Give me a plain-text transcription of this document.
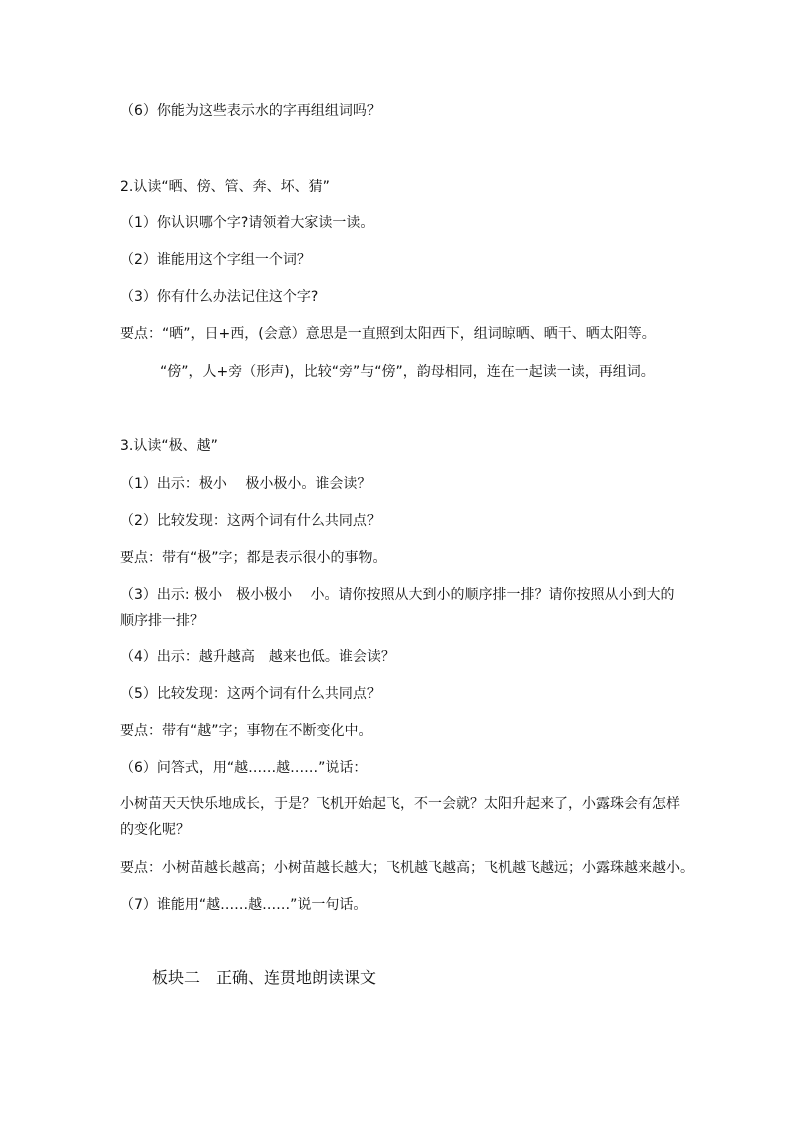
（6）你能为这些表示水的字再组组词吗？
2.认读“晒、傍、管、奔、坏、猜”
（1）你认识哪个字?请领着大家读一读。
（2）谁能用这个字组一个词？
（3）你有什么办法记住这个字?
要点：“晒”，日+西，(会意）意思是一直照到太阳西下，组词晾晒、晒干、晒太阳等。
“傍”，人+旁（形声)，比较“旁”与“傍”，韵母相同，连在一起读一读，再组词。
3.认读“极、越”
（1）出示：极小　 极小极小。谁会读？
（2）比较发现：这两个词有什么共同点？
要点：带有“极”字；都是表示很小的事物。
（3）出示: 极小　极小极小　 小。请你按照从大到小的顺序排一排？请你按照从小到大的顺序排一排？
（4）出示：越升越高　越来也低。谁会读？
（5）比较发现：这两个词有什么共同点？
要点：带有“越”字；事物在不断变化中。
（6）问答式，用“越……越……”说话：
小树苗天天快乐地成长，于是？飞机开始起飞，不一会就？太阳升起来了，小露珠会有怎样的变化呢？
要点：小树苗越长越高；小树苗越长越大；飞机越飞越高；飞机越飞越远；小露珠越来越小。
（7）谁能用“越……越……”说一句话。
板块二　正确、连贯地朗读课文
